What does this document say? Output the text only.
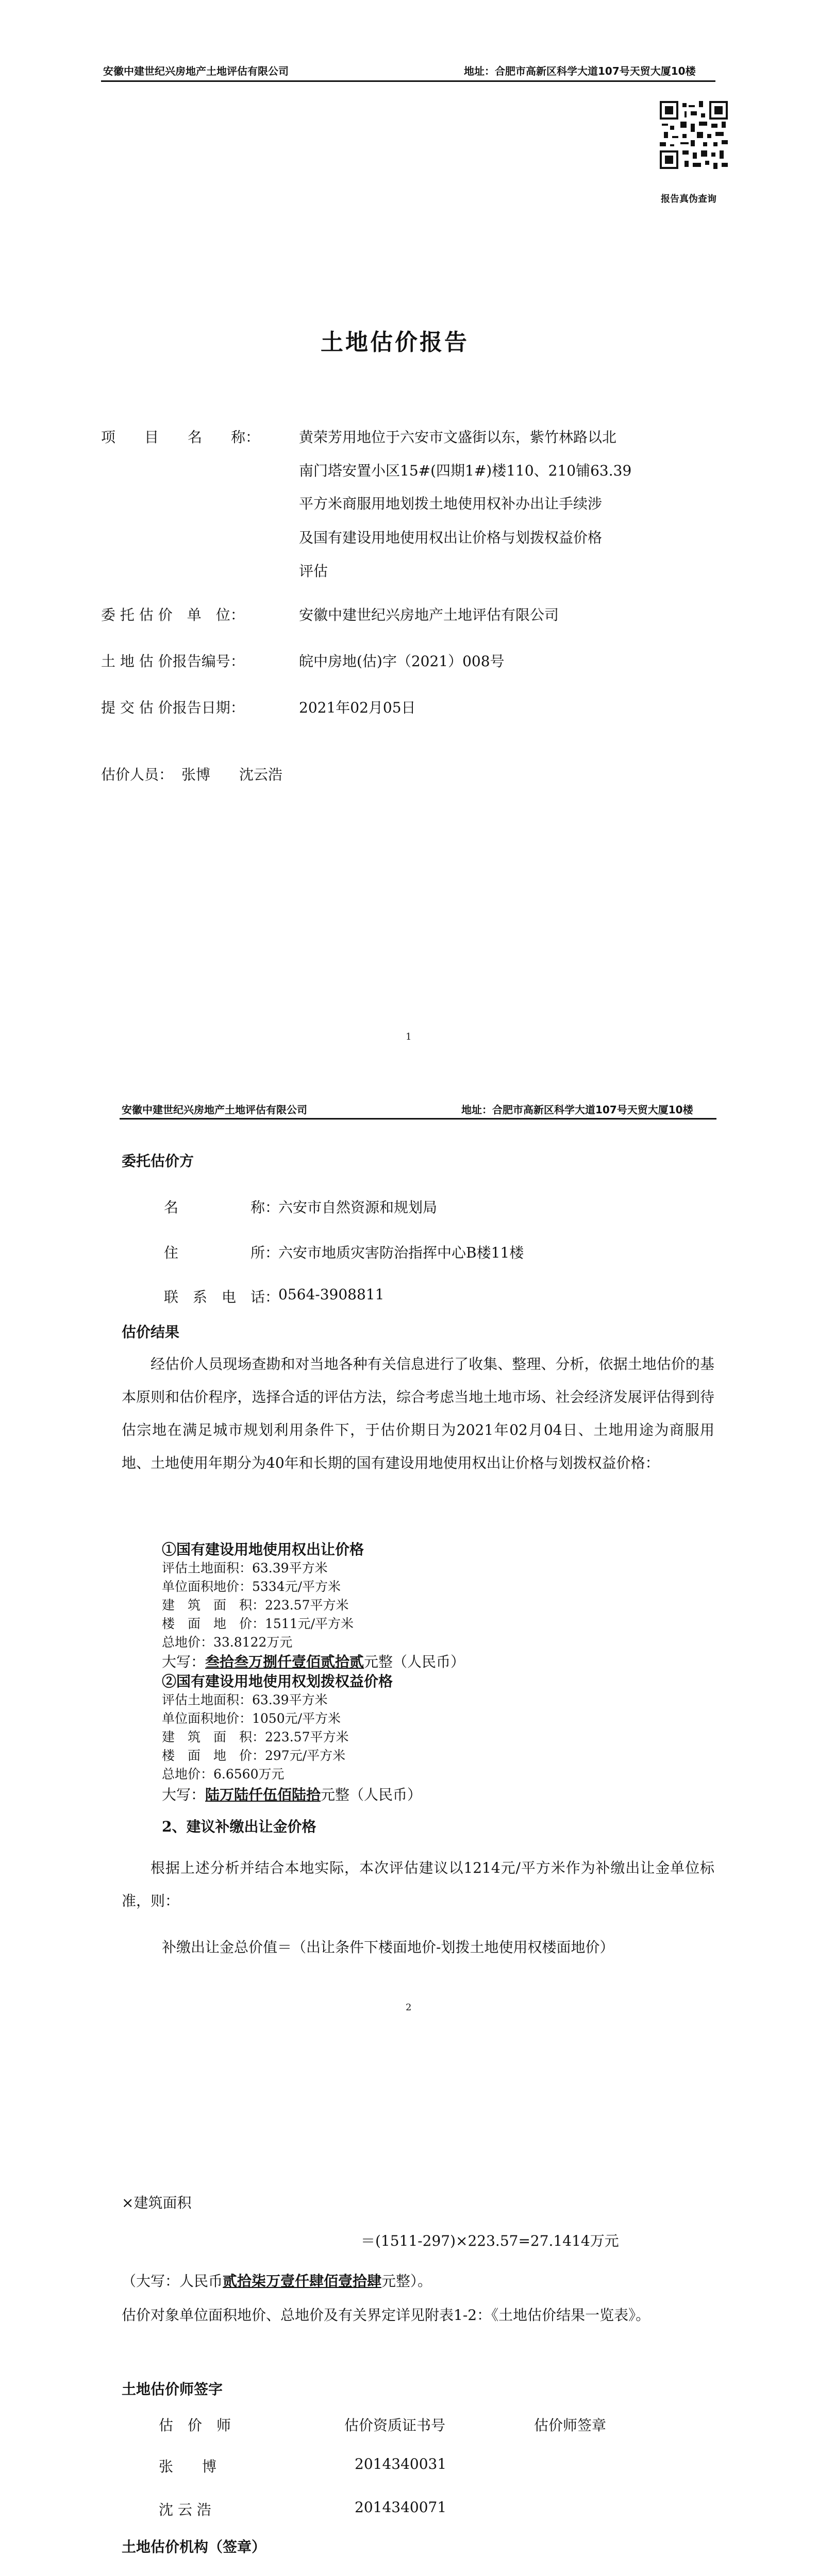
安徽中建世纪兴房地产土地评估有限公司	地址：合肥市高新区科学大道107号天贸大厦10楼
报告真伪查询
土地估价报告
项　　目　　名　　称：	黄荣芳用地位于六安市文盛街以东，紫竹林路以北
南门塔安置小区15#(四期1#)楼110、210铺63.39
平方米商服用地划拨土地使用权补办出让手续涉
及国有建设用地使用权出让价格与划拨权益价格
评估
委 托 估 价　单　位：	安徽中建世纪兴房地产土地评估有限公司
土 地 估 价报告编号：	皖中房地(估)字（2021）008号
提 交 估 价报告日期：	2021年02月05日
估价人员： 张博　　沈云浩
1
安徽中建世纪兴房地产土地评估有限公司	地址：合肥市高新区科学大道107号天贸大厦10楼
委托估价方
名　　　　　称：
六安市自然资源和规划局
住　　　　　所：
六安市地质灾害防治指挥中心B楼11楼
联　系　电　话：
0564-3908811
估价结果
经估价人员现场查勘和对当地各种有关信息进行了收集、整理、分析，依据土地估价的基本原则和估价程序，选择合适的评估方法，综合考虑当地土地市场、社会经济发展评估得到待估宗地在满足城市规划利用条件下，于估价期日为2021年02月04日、土地用途为商服用地、土地使用年期分为40年和长期的国有建设用地使用权出让价格与划拨权益价格：
①国有建设用地使用权出让价格
评估土地面积：63.39平方米
单位面积地价：5334元/平方米
建　筑　面　积：223.57平方米
楼　面　地　价：1511元/平方米
总地价：33.8122万元
大写：叁拾叁万捌仟壹佰贰拾贰元整（人民币）
②国有建设用地使用权划拨权益价格
评估土地面积：63.39平方米
单位面积地价：1050元/平方米
建　筑　面　积：223.57平方米
楼　面　地　价：297元/平方米
总地价：6.6560万元
大写：陆万陆仟伍佰陆拾元整（人民币）
2、建议补缴出让金价格
根据上述分析并结合本地实际，本次评估建议以1214元/平方米作为补缴出让金单位标准，则：
补缴出让金总价值＝（出让条件下楼面地价-划拨土地使用权楼面地价）
2
×建筑面积
＝(1511-297)×223.57=27.1414万元
（大写：人民币贰拾柒万壹仟肆佰壹拾肆元整）。
估价对象单位面积地价、总地价及有关界定详见附表1-2：《土地估价结果一览表》。
土地估价师签字
估　价　师	估价资质证书号	估价师签章
张　　博	2014340031
沈 云 浩	2014340071
土地估价机构（签章）
